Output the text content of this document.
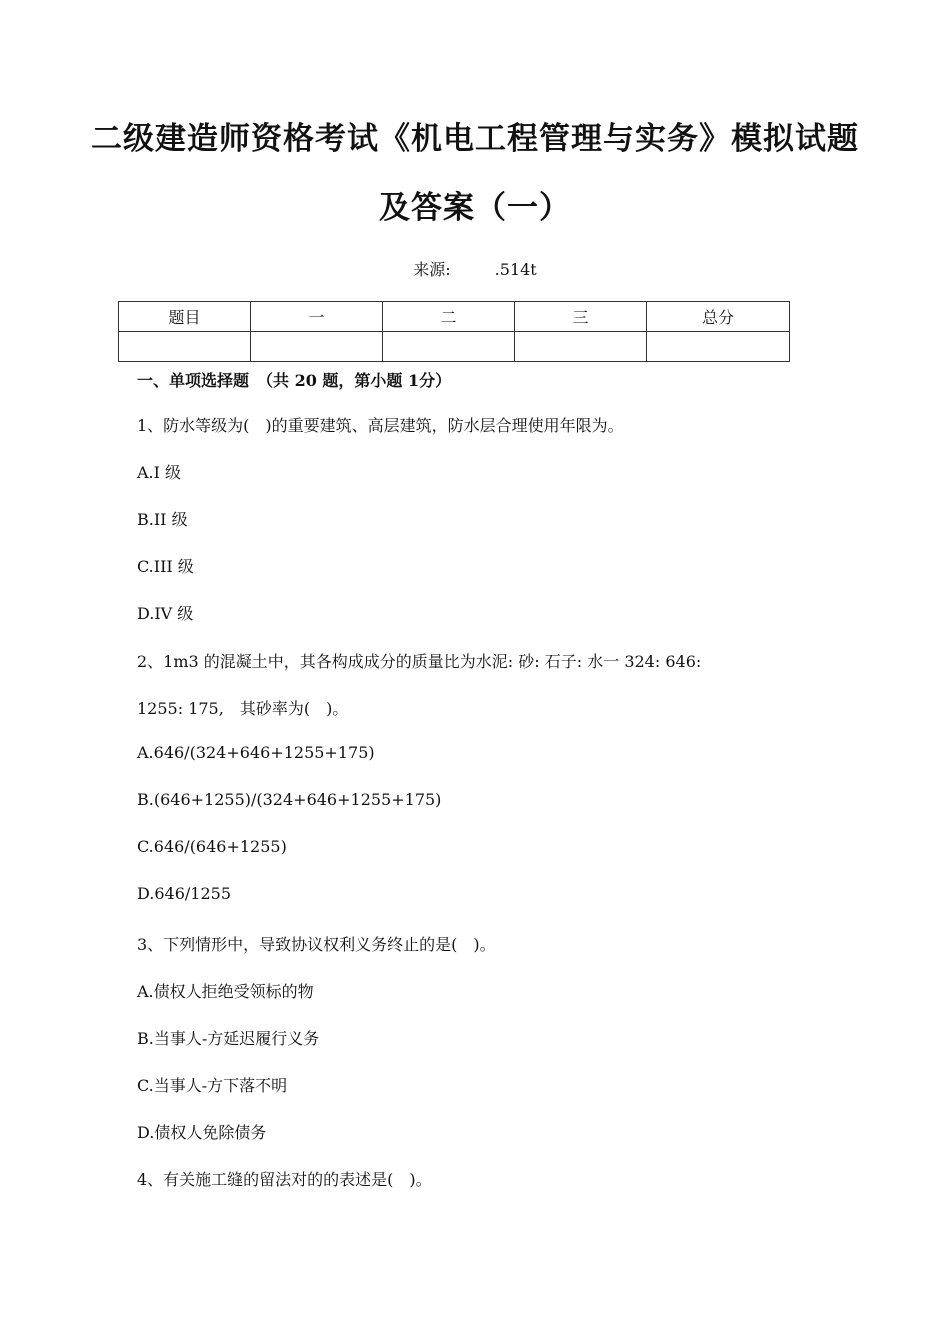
二级建造师资格考试《机电工程管理与实务》模拟试题
及答案（一）
来源:	.514t
题目	一	二	三	总分

一、单项选择题　（共 20 题，第小题 1分）
1、防水等级为(　)的重要建筑、高层建筑，防水层合理使用年限为。
A.I 级
B.II 级
C.III 级
D.IV 级
2、1m3 的混凝土中，其各构成成分的质量比为水泥: 砂: 石子: 水一 324: 646:
1255: 175,　其砂率为(　)。
A.646/(324+646+1255+175)
B.(646+1255)/(324+646+1255+175)
C.646/(646+1255)
D.646/1255
3、下列情形中，导致协议权利义务终止的是(　)。
A.债权人拒绝受领标的物
B.当事人-方延迟履行义务
C.当事人-方下落不明
D.债权人免除债务
4、有关施工缝的留法对的的表述是(　)。
